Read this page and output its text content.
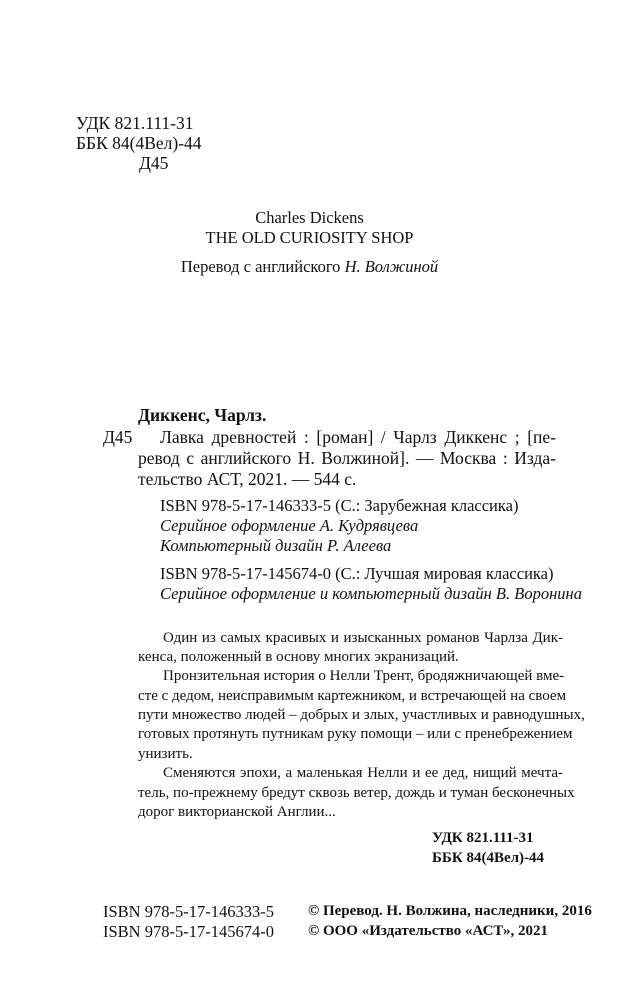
УДК 821.111-31
ББК 84(4Вел)-44
Д45
Charles Dickens
THE OLD CURIOSITY SHOP
Перевод с английского Н. Волжиной
Диккенс, Чарлз.
Д45 Лавка древностей : [роман] / Чарлз Диккенс ; [пе-
ревод с английского Н. Волжиной]. — Москва : Изда-
тельство АСТ, 2021. — 544 с.
ISBN 978-5-17-146333-5 (С.: Зарубежная классика)
Серийное оформление А. Кудрявцева
Компьютерный дизайн Р. Алеева
ISBN 978-5-17-145674-0 (С.: Лучшая мировая классика)
Серийное оформление и компьютерный дизайн В. Воронина
Один из самых красивых и изысканных романов Чарлза Дик-
кенса, положенный в основу многих экранизаций.
Пронзительная история о Нелли Трент, бродяжничающей вме-
сте с дедом, неисправимым картежником, и встречающей на своем
пути множество людей – добрых и злых, участливых и равнодушных,
готовых протянуть путникам руку помощи – или с пренебрежением
унизить.
Сменяются эпохи, а маленькая Нелли и ее дед, нищий мечта-
тель, по-прежнему бредут сквозь ветер, дождь и туман бесконечных
дорог викторианской Англии...
УДК 821.111-31
ББК 84(4Вел)-44
ISBN 978-5-17-146333-5
ISBN 978-5-17-145674-0
© Перевод. Н. Волжина, наследники, 2016
© ООО «Издательство «АСТ», 2021
